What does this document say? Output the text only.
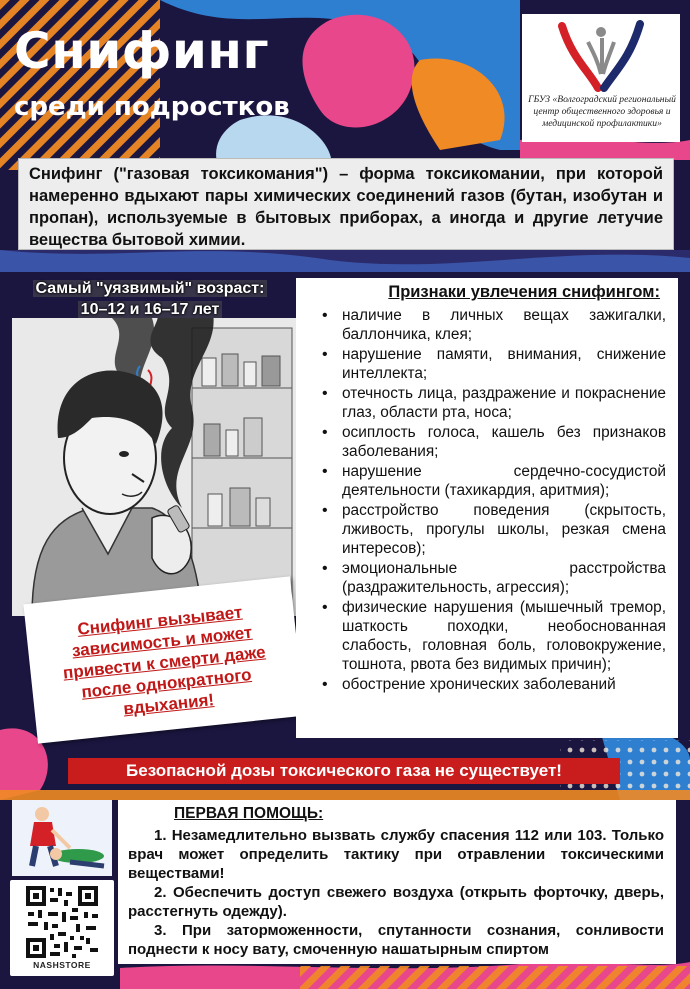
Снифинг
среди подростков	ГБУЗ «Волгоградский региональный центр общественного здоровья и медицинской профилактики»
Снифинг ("газовая токсикомания") – форма токсикомании, при которой намеренно вдыхают пары химических соединений газов (бутан, изобутан и пропан), используемые в бытовых приборах, а иногда и другие летучие вещества бытовой химии.
Самый "уязвимый" возраст:
10–12 и 16–17 лет

Снифинг вызывает зависимость и может привести к смерти даже после однократного вдыхания!

Признаки увлечения снифингом:
• наличие в личных вещах зажигалки, баллончика, клея;
• нарушение памяти, внимания, снижение интеллекта;
• отечность лица, раздражение и покраснение глаз, области рта, носа;
• осиплость голоса, кашель без признаков заболевания;
• нарушение сердечно-сосудистой деятельности (тахикардия, аритмия);
• расстройство поведения (скрытость, лживость, прогулы школы, резкая смена интересов);
• эмоциональные расстройства (раздражительность, агрессия);
• физические нарушения (мышечный тремор, шаткость походки, необоснованная слабость, головная боль, головокружение, тошнота, рвота без видимых причин);
• обострение хронических заболеваний
Безопасной дозы токсического газа не существует!
NASHSTORE
ПЕРВАЯ ПОМОЩЬ:

1. Незамедлительно вызвать службу спасения 112 или 103. Только врач может определить тактику при отравлении токсическими веществами!

2. Обеспечить доступ свежего воздуха (открыть форточку, дверь, расстегнуть одежду).

3. При заторможенности, спутанности сознания, сонливости поднести к носу вату, смоченную нашатырным спиртом
